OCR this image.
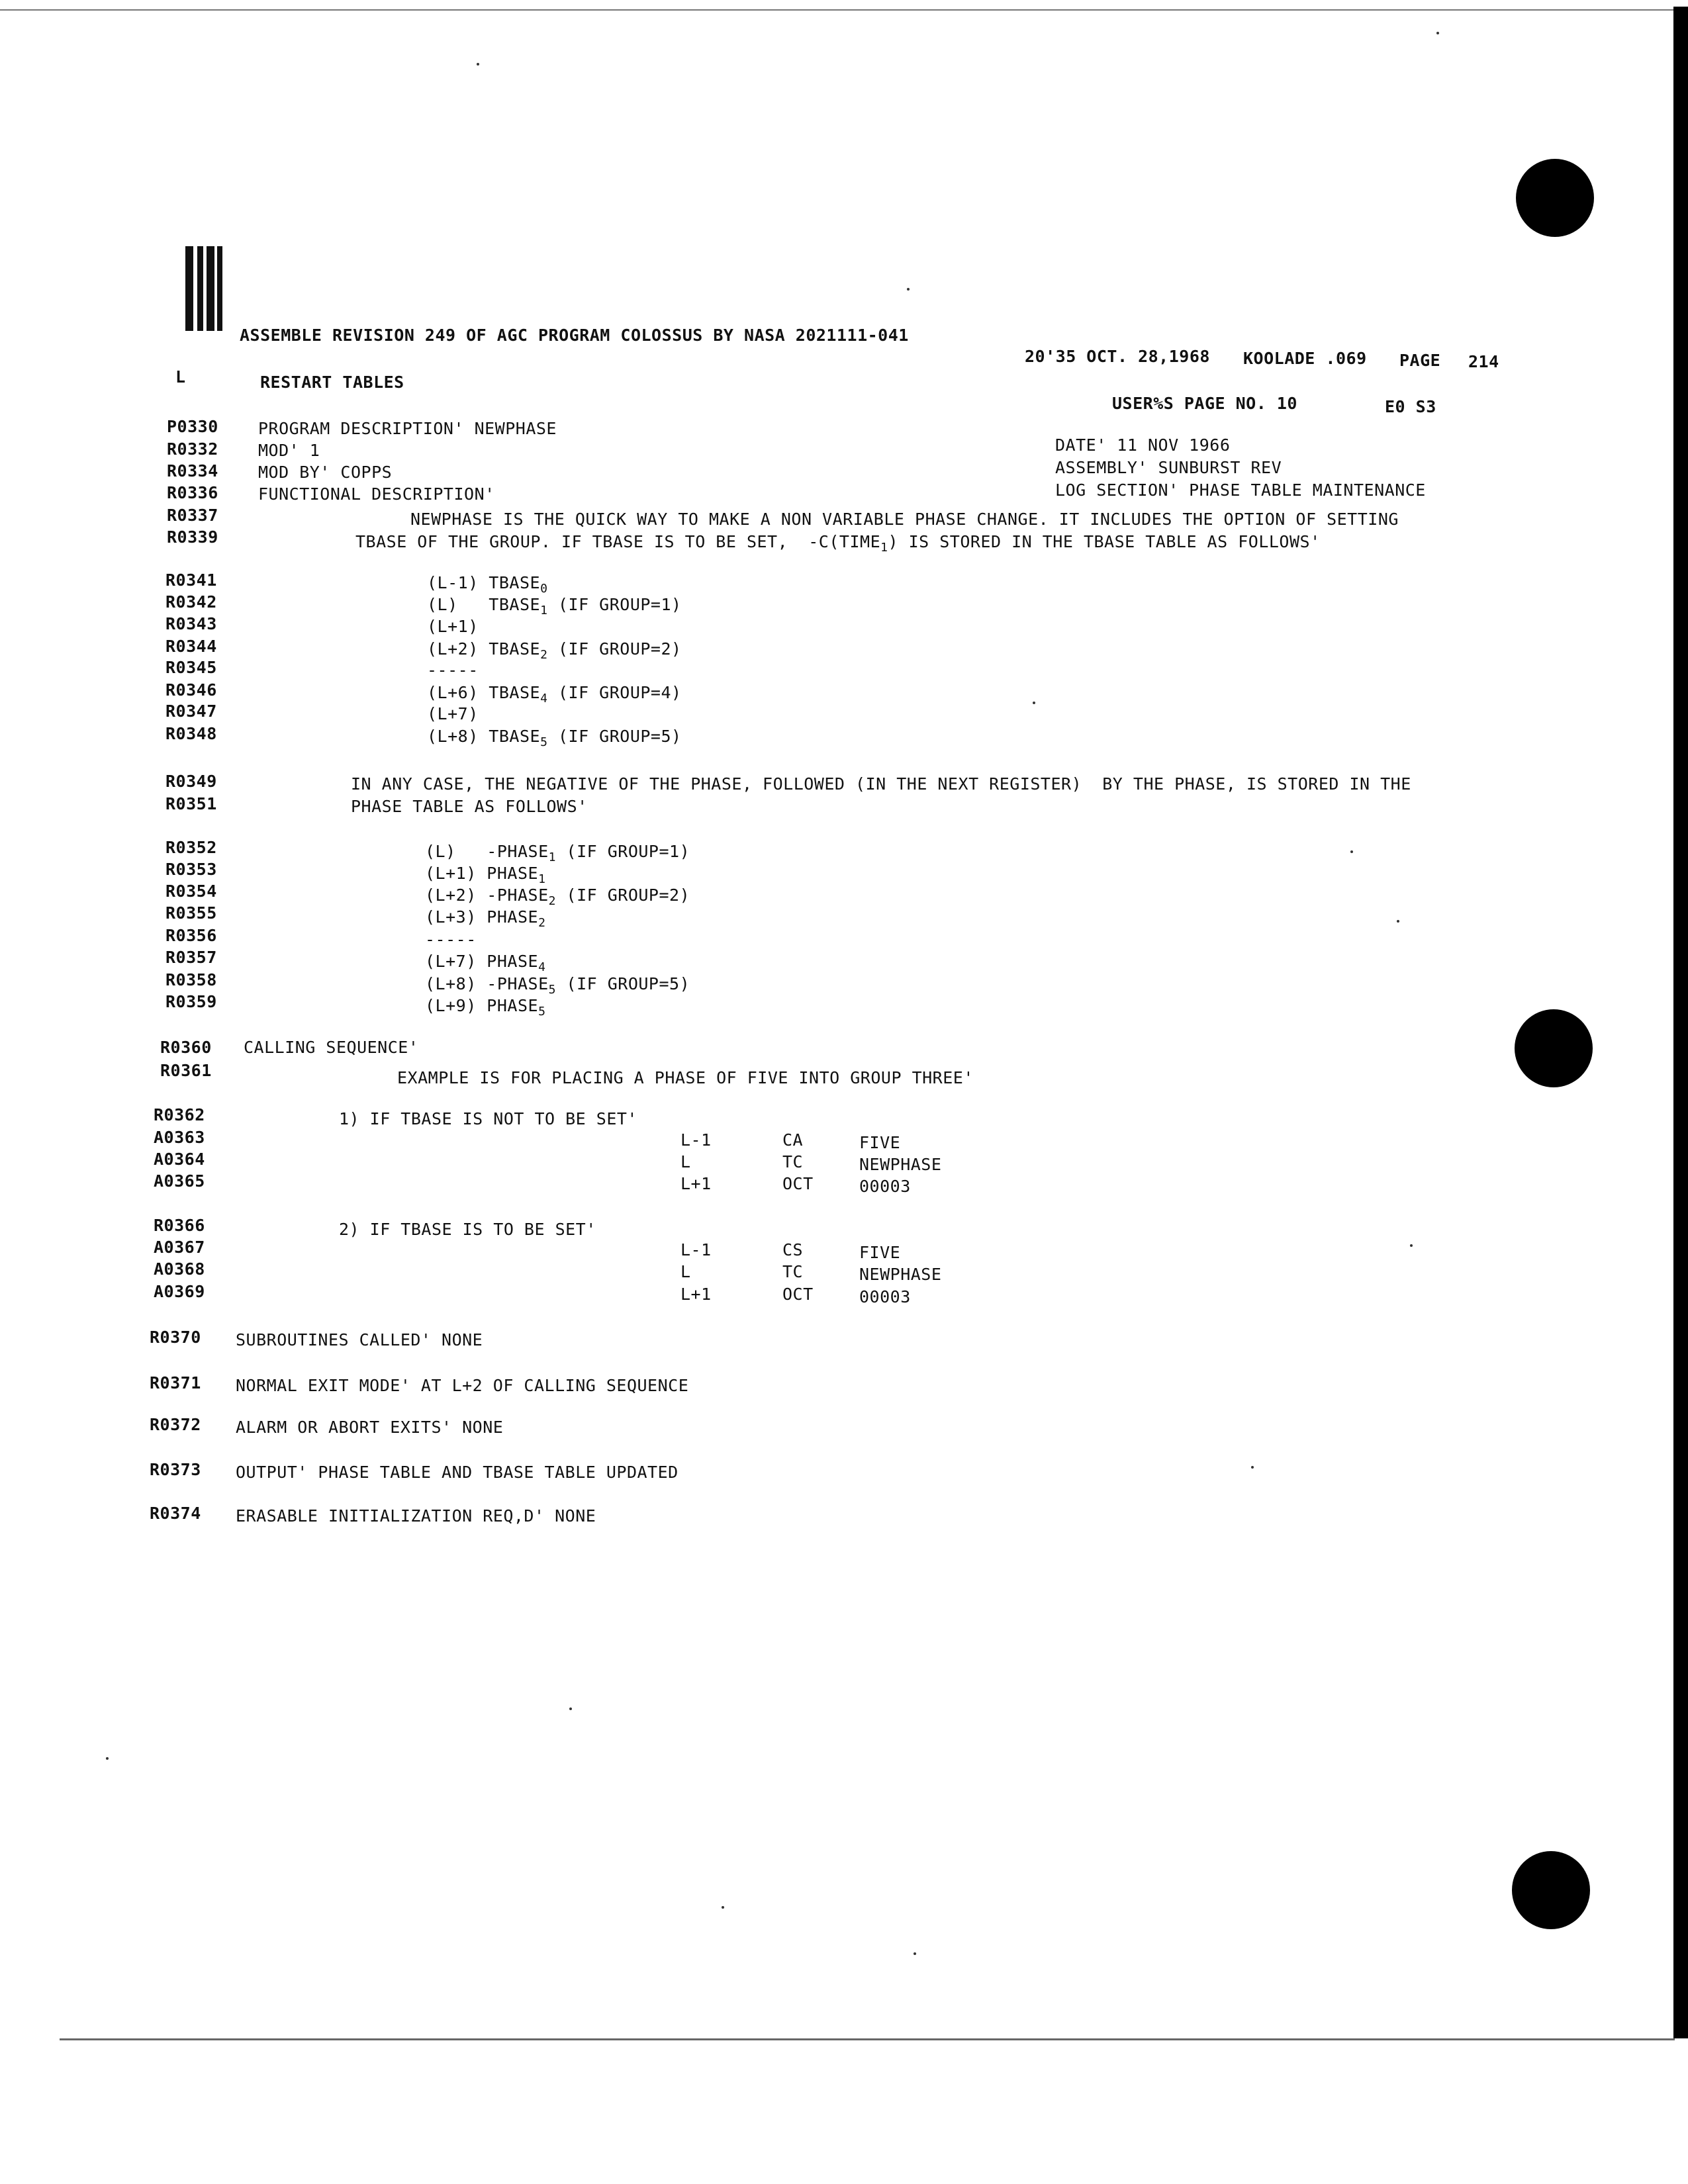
ASSEMBLE REVISION 249 OF AGC PROGRAM COLOSSUS BY NASA 2021111-041
20'35 OCT. 28,1968 KOOLADE .069 PAGE 214
L	RESTART TABLES
USER%S PAGE NO. 10	E0 S3
P0330 PROGRAM DESCRIPTION' NEWPHASE
R0332 MOD' 1
R0334 MOD BY' COPPS
R0336 FUNCTIONAL DESCRIPTION'
DATE' 11 NOV 1966
ASSEMBLY' SUNBURST REV
LOG SECTION' PHASE TABLE MAINTENANCE
R0337	NEWPHASE IS THE QUICK WAY TO MAKE A NON VARIABLE PHASE CHANGE. IT INCLUDES THE OPTION OF SETTING
R0339	TBASE OF THE GROUP. IF TBASE IS TO BE SET,  $-C(TIME_1)$ IS STORED IN THE TBASE TABLE AS FOLLOWS'
R0341	(L-1) $TBASE_0$
R0342	(L)   $TBASE_1$ (IF GROUP=1)
R0343	(L+1)
R0344	(L+2) $TBASE_2$ (IF GROUP=2)
R0345	-----
R0346	(L+6) $TBASE_4$ (IF GROUP=4)
R0347	(L+7)
R0348	(L+8) $TBASE_5$ (IF GROUP=5)
R0349	IN ANY CASE, THE NEGATIVE OF THE PHASE, FOLLOWED (IN THE NEXT REGISTER)  BY THE PHASE, IS STORED IN THE
R0351	PHASE TABLE AS FOLLOWS'
R0352	(L)   $-PHASE_1$ (IF GROUP=1)
R0353	(L+1) $PHASE_1$
R0354	(L+2) $-PHASE_2$ (IF GROUP=2)
R0355	(L+3) $PHASE_2$
R0356	-----
R0357	(L+7) $PHASE_4$
R0358	(L+8) $-PHASE_5$ (IF GROUP=5)
R0359	(L+9) $PHASE_5$
R0360 CALLING SEQUENCE'
R0361	EXAMPLE IS FOR PLACING A PHASE OF FIVE INTO GROUP THREE'
R0362	1) IF TBASE IS NOT TO BE SET'
A0363	L-1	CA	FIVE
A0364	L	TC	NEWPHASE
A0365	L+1	OCT	00003
R0366	2) IF TBASE IS TO BE SET'
A0367	L-1	CS	FIVE
A0368	L	TC	NEWPHASE
A0369	L+1	OCT	00003
R0370 SUBROUTINES CALLED' NONE
R0371 NORMAL EXIT MODE' AT L+2 OF CALLING SEQUENCE
R0372 ALARM OR ABORT EXITS' NONE
R0373 OUTPUT' PHASE TABLE AND TBASE TABLE UPDATED
R0374 ERASABLE INITIALIZATION REQ,D' NONE
